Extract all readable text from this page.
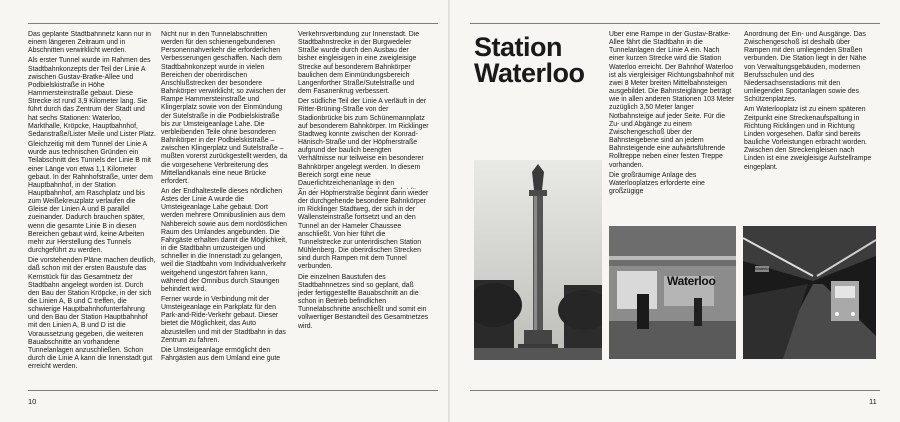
Das geplante Stadtbahnnetz kann nur in einem längeren Zeitraum und in Abschnitten verwirklicht werden.

Als erster Tunnel wurde im Rahmen des Stadtbahnkonzepts der Teil der Linie A zwischen Gustav-Bratke-Allee und Podbielskistraße in Höhe Hammersteinstraße gebaut. Diese Strecke ist rund 3,9 Kilometer lang. Sie führt durch das Zentrum der Stadt und hat sechs Stationen: Waterloo, Markthalle, Kröpcke, Hauptbahnhof, Sedanstraße/Lister Meile und Lister Platz.

Gleichzeitig mit dem Tunnel der Linie A wurde aus technischen Gründen ein Teilabschnitt des Tunnels der Linie B mit einer Länge von etwa 1,1 Kilometer gebaut. In der Rahnhofstraße, unter dem Hauptbahnhof, in der Station Hauptbahnhof, am Raschplatz und bis zum Weißekreuzplatz verlaufen die Gleise der Linien A und B parallel zueinander. Dadurch brauchen später, wenn die gesamte Linie B in diesen Bereichen gebaut wird, keine Arbeiten mehr zur Herstellung des Tunnels durchgeführt zu werden.

Die vorstehenden Pläne machen deutlich, daß schon mit der ersten Baustufe das Kernstück für das Gesamtnetz der Stadtbahn angelegt worden ist. Durch den Bau der Station Kröpcke, in der sich die Linien A, B und C treffen, die schwierige Hauptbahnhofunterfahrung und den Bau der Station Hauptbahnhof mit den Linien A, B und D ist die Voraussetzung gegeben, die weiteren Bauabschnitte an vorhandene Tunnelanlagen anzuschließen. Schon durch die Linie A kann die Innenstadt gut erreicht werden.

Nicht nur in den Tunnelabschnitten werden für den schienengebundenen Personennahverkehr die erforderlichen Verbesserungen geschaffen. Nach dem Stadtbahnkonzept wurde in vielen Bereichen der oberirdischen Anschlußstrecken der besondere Bahnkörper verwirklicht; so zwischen der Rampe Hammersteinstraße und Klingerplatz sowie von der Einmündung der Sutelstraße in die Podbielskistraße bis zur Umsteigeanlage Lahe. Die verbleibenden Teile ohne besonderen Bahnkörper in der Podbielskistraße – zwischen Klingerplatz und Sutelstraße – mußten vorerst zurückgestellt werden, da die vorgesehene Verbreiterung des Mittellandkanals eine neue Brücke erfordert.

An der Endhaltestelle dieses nördlichen Astes der Linie A wurde die Umsteigeanlage Lahe gebaut. Dort werden mehrere Omnibuslinien aus dem Nahbereich sowie aus dem nordöstlichen Raum des Umlandes angebunden. Die Fahrgäste erhalten damit die Möglichkeit, in die Stadtbahn umzusteigen und schneller in die Innenstadt zu gelangen, weil die Stadtbahn vom Individualverkehr weitgehend ungestört fahren kann, während der Omnibus durch Staungen behindert wird.

Ferner wurde in Verbindung mit der Umsteigeanlage ein Parkplatz für den Park-and-Ride-Verkehr gebaut. Dieser bietet die Möglichkeit, das Auto abzustellen und mit der Stadtbahn in das Zentrum zu fahren.

Die Umsteigeanlage ermöglicht den Fahrgästen aus dem Umland eine gute

Verkehrsverbindung zur Innenstadt. Die Stadtbahnstrecke in der Burgwedeler Straße wurde durch den Ausbau der bisher eingleisigen in eine zweigleisige Strecke auf besonderem Bahnkörper baulichen dem Einmündungsbereich Langenforther Straße/Sutelstraße und dem Fasanenkrug verbessert.

Der südliche Teil der Linie A verläuft in der Ritter-Brüning-Straße von der Stadionbrücke bis zum Schünemannplatz auf besonderem Bahnkörper. Im Ricklinger Stadtweg konnte zwischen der Konrad-Hänisch-Straße und der Höpfnerstraße aufgrund der baulich beengten Verhältnisse nur teilweise ein besonderer Bahnkörper angelegt werden. In diesem Bereich sorgt eine neue Dauerlichtzeichenanlage in den

An der Höpfnerstraße beginnt dann wieder der durchgehende besondere Bahnkörper im Ricklinger Stadtweg, der sich in der Wallensteinstraße fortsetzt und an den Tunnel an der Hameler Chaussee anschließt. Von hier führt die Tunnelstrecke zur unterirdischen Station Mühlenberg. Die oberirdischen Strecken sind durch Rampen mit dem Tunnel verbunden.

Die einzelnen Baustufen des Stadtbahnnetzes sind so geplant, daß jeder fertiggestellte Bauabschnitt an die schon in Betrieb befindlichen Tunnelabschnitte anschließt und somit ein vollwertiger Bestandteil des Gesamtnetzes wird.

10	11
Station
Waterloo

Über eine Rampe in der Gustav-Bratke-Allee fährt die Stadtbahn in die Tunnelanlagen der Linie A ein. Nach einer kurzen Strecke wird die Station Waterloo erreicht. Der Bahnhof Waterloo ist als viergleisiger Richtungsbahnhof mit zwei 8 Meter breiten Mittelbahnsteigen ausgebildet. Die Bahnsteiglänge beträgt wie in allen anderen Stationen 103 Meter zuzüglich 3,50 Meter langer Notbahnsteige auf jeder Seite. Für die Zu- und Abgänge zu einem Zwischengeschoß über der Bahnsteigebene sind an jedem Bahnsteigende eine aufwärtsführende Rolltreppe neben einer festen Treppe vorhanden.

Die großräumige Anlage des Waterlooplatzes erforderte eine großzügige

Anordnung der Ein- und Ausgänge. Das Zwischengeschoß ist deshalb über Rampen mit den umliegenden Straßen verbunden. Die Station liegt in der Nähe von Verwaltungsgebäuden, modernen Berufsschulen und des Niedersachsenstadions mit den umliegenden Sportanlagen sowie des Schützenplatzes.

Am Waterlooplatz ist zu einem späteren Zeitpunkt eine Streckenaufspaltung in Richtung Ricklingen und in Richtung Linden vorgesehen. Dafür sind bereits bauliche Vorleistungen erbracht worden. Zwischen den Streckengleisen nach Linden ist eine zweigleisige Aufstellrampe eingeplant.

Waterloo
Waterloo
